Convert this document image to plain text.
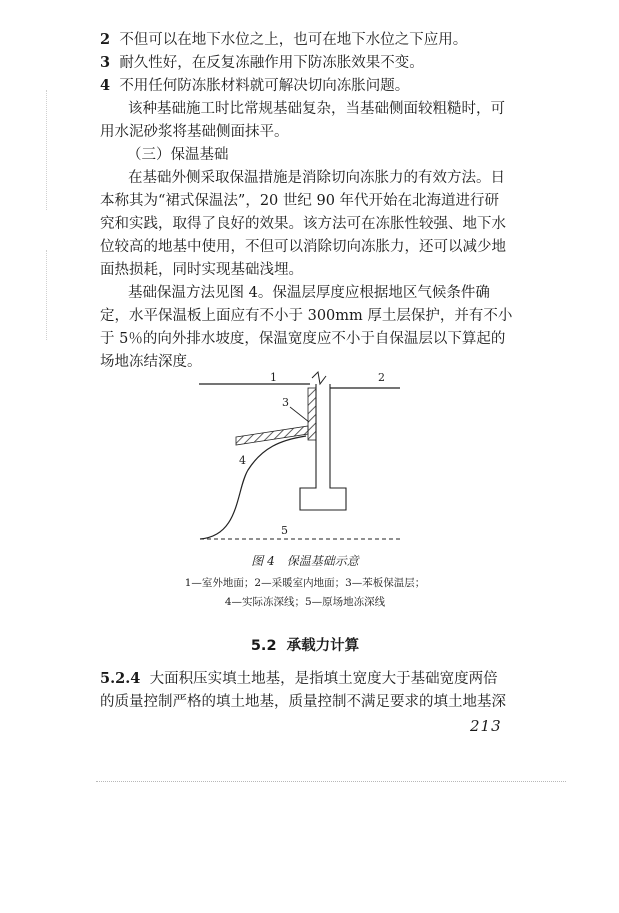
2 不但可以在地下水位之上，也可在地下水位之下应用。
3 耐久性好，在反复冻融作用下防冻胀效果不变。
4 不用任何防冻胀材料就可解决切向冻胀问题。
该种基础施工时比常规基础复杂，当基础侧面较粗糙时，可
用水泥砂浆将基础侧面抹平。
（三）保温基础
在基础外侧采取保温措施是消除切向冻胀力的有效方法。日
本称其为“裙式保温法”，20 世纪 90 年代开始在北海道进行研
究和实践，取得了良好的效果。该方法可在冻胀性较强、地下水
位较高的地基中使用，不但可以消除切向冻胀力，还可以减少地
面热损耗，同时实现基础浅埋。
基础保温方法见图 4。保温层厚度应根据地区气候条件确
定，水平保温板上面应有不小于 300mm 厚土层保护，并有不小
于 5％的向外排水坡度，保温宽度应不小于自保温层以下算起的
场地冻结深度。
1	2
3
4
5
图 4　保温基础示意
1—室外地面；2—采暖室内地面；3—苯板保温层；
4—实际冻深线；5—原场地冻深线
5.2 承载力计算
5.2.4 大面积压实填土地基，是指填土宽度大于基础宽度两倍
的质量控制严格的填土地基，质量控制不满足要求的填土地基深
213
